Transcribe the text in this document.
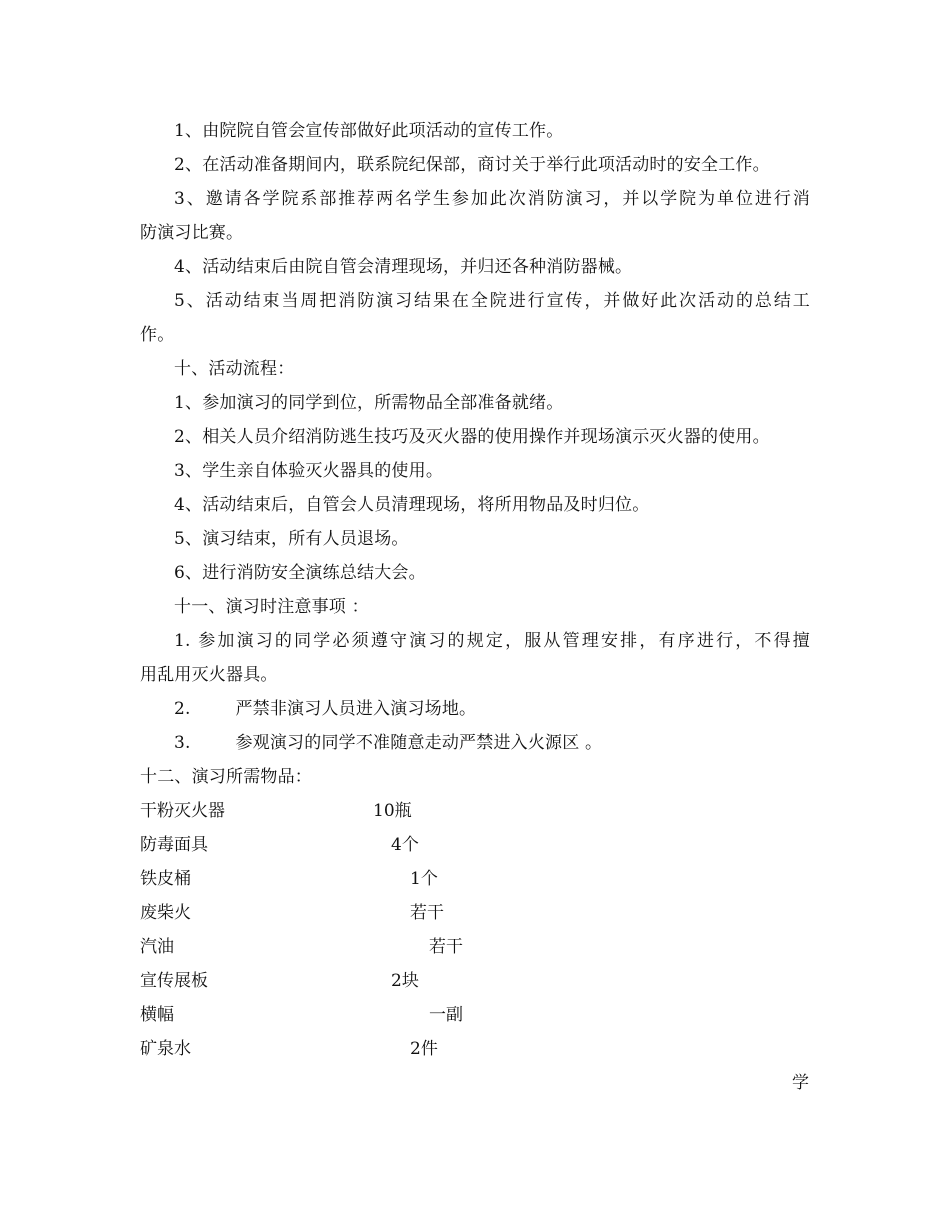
1、由院院自管会宣传部做好此项活动的宣传工作。
2、在活动准备期间内，联系院纪保部，商讨关于举行此项活动时的安全工作。
3、邀请各学院系部推荐两名学生参加此次消防演习，并以学院为单位进行消
防演习比赛。
4、活动结束后由院自管会清理现场，并归还各种消防器械。
5、活动结束当周把消防演习结果在全院进行宣传，并做好此次活动的总结工
作。
十、活动流程：
1、参加演习的同学到位，所需物品全部准备就绪。
2、相关人员介绍消防逃生技巧及灭火器的使用操作并现场演示灭火器的使用。
3、学生亲自体验灭火器具的使用。
4、活动结束后，自管会人员清理现场，将所用物品及时归位。
5、演习结束，所有人员退场。
6、进行消防安全演练总结大会。
十一、演习时注意事项 ：
1. 参加演习的同学必须遵守演习的规定，服从管理安排，有序进行，不得擅
用乱用灭火器具。
2.        严禁非演习人员进入演习场地。
3.        参观演习的同学不准随意走动严禁进入火源区 。
十二、演习所需物品：
干粉灭火器	10瓶
防毒面具	4个
铁皮桶	1个
废柴火	若干
汽油	若干
宣传展板	2块
横幅	一副
矿泉水	2件
学
